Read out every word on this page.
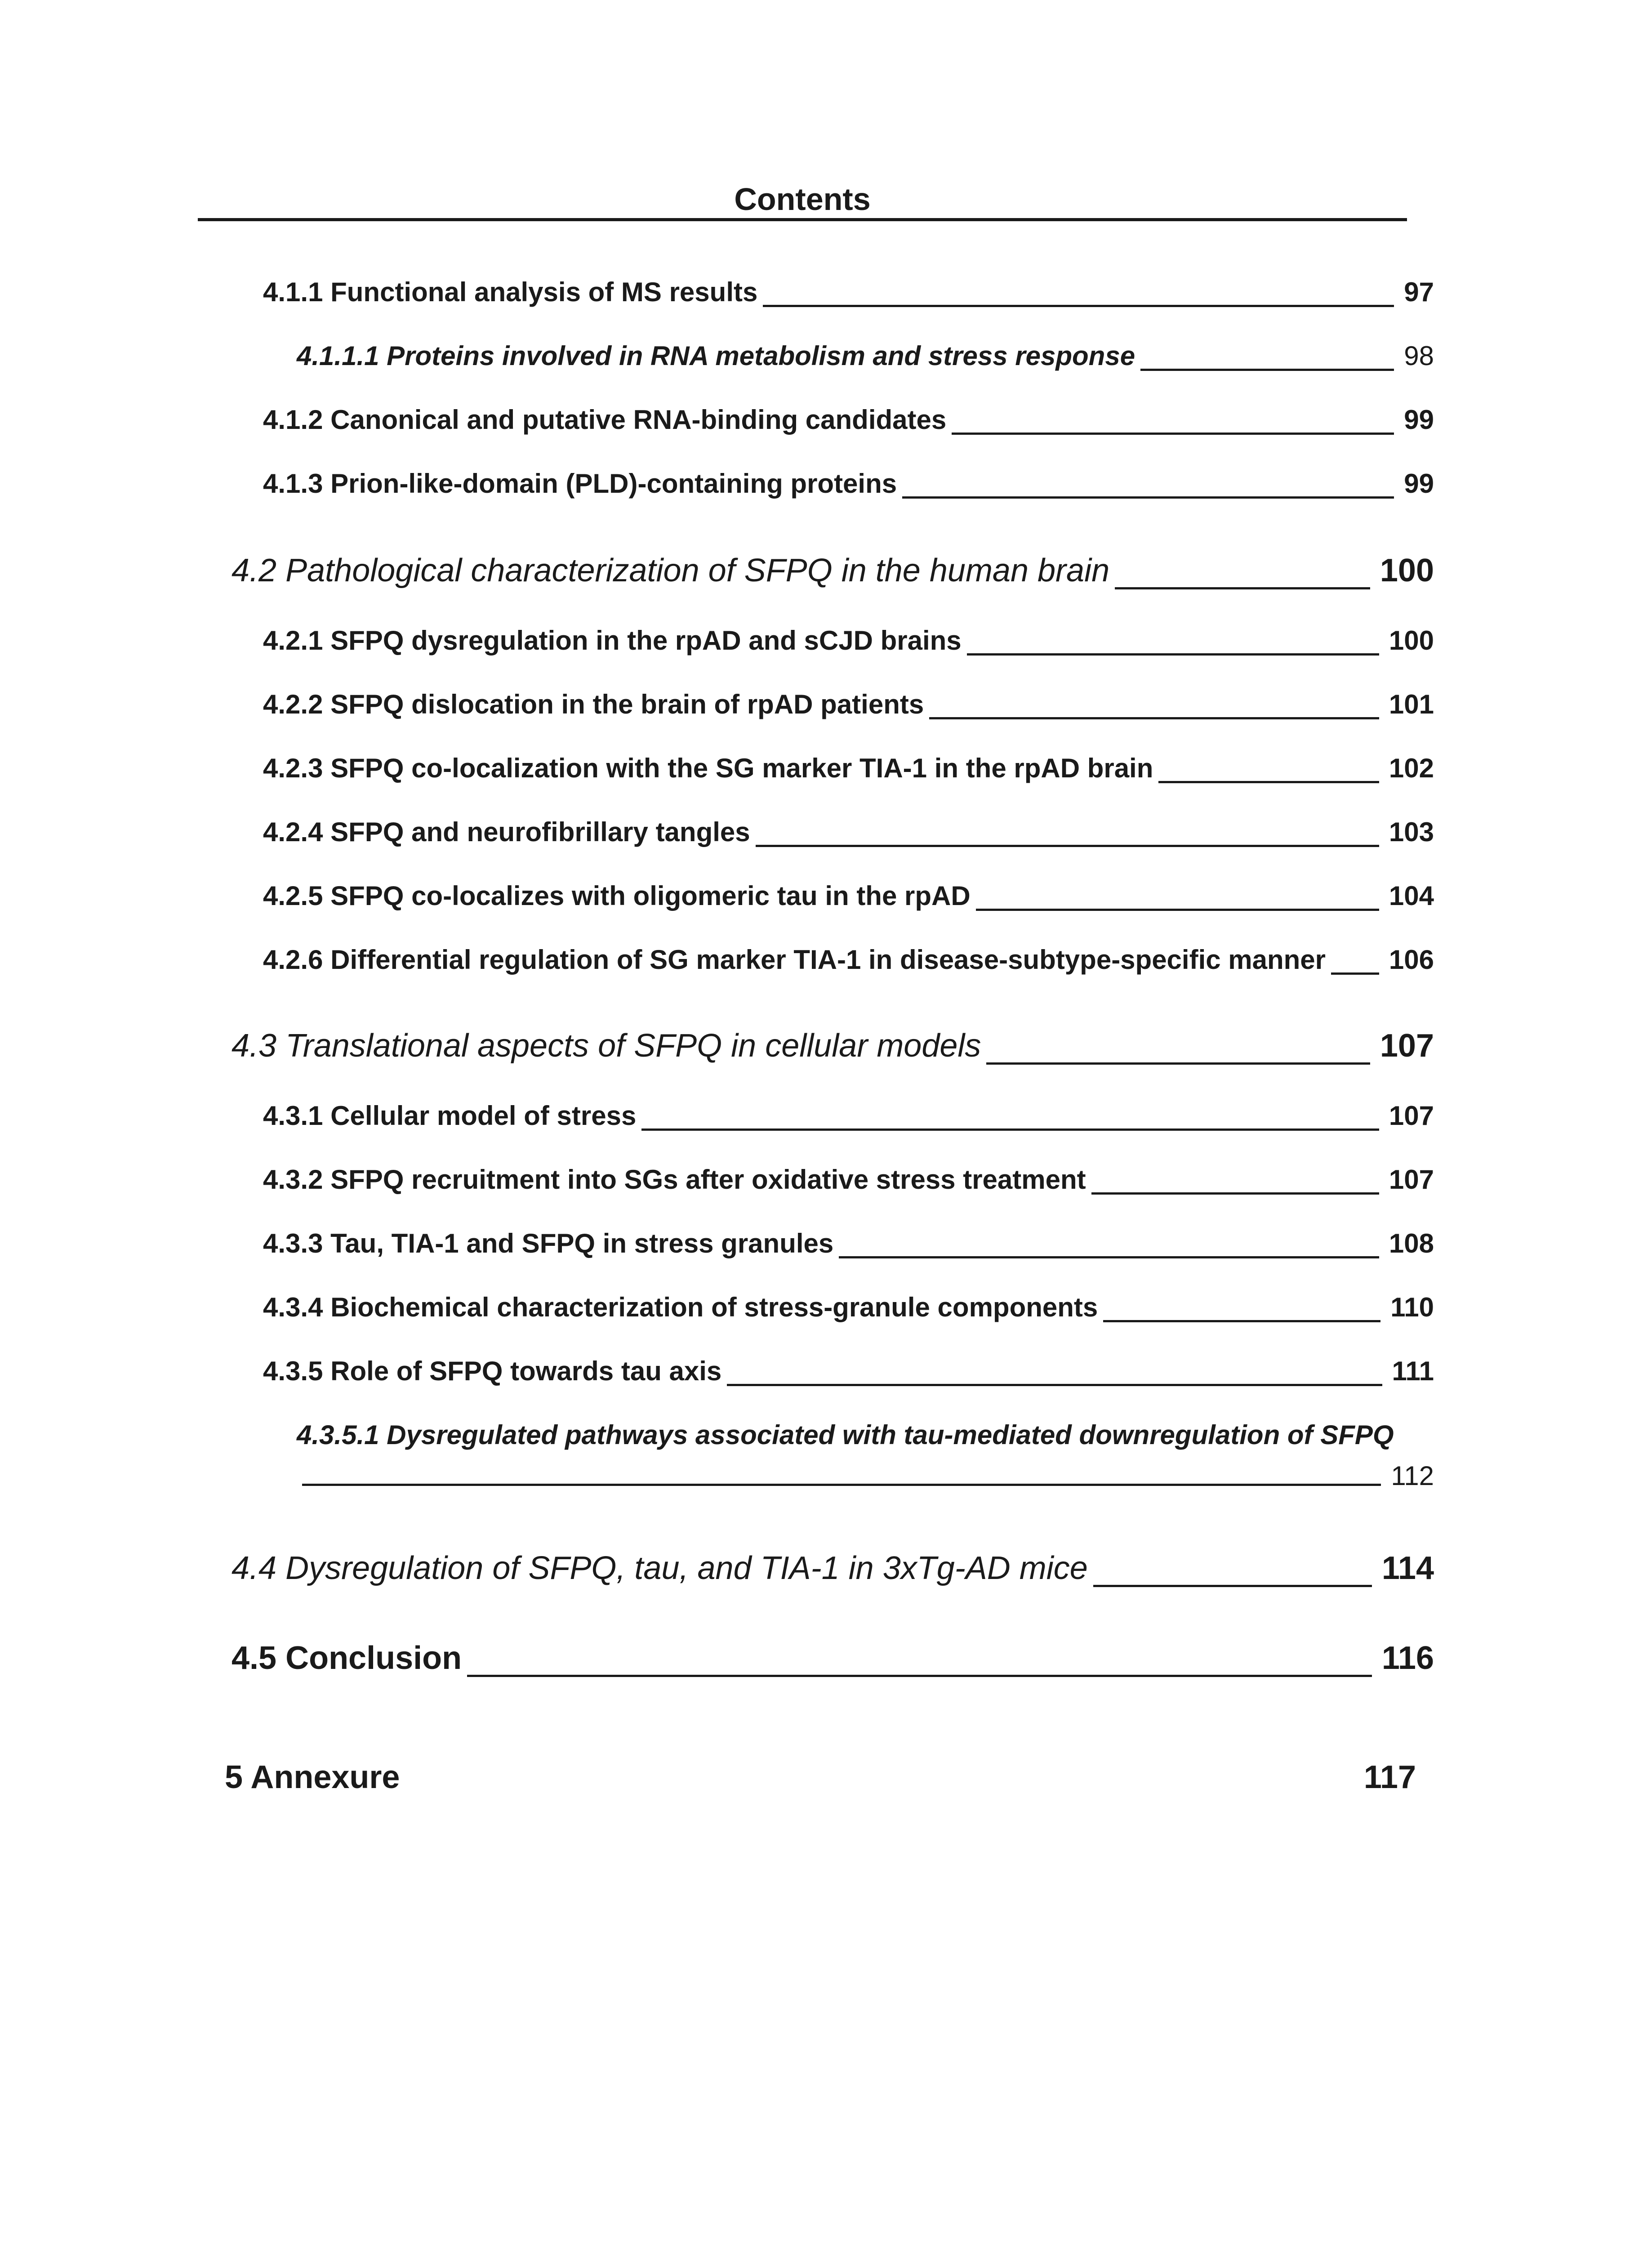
Contents
4.1.1 Functional analysis of MS results	97
4.1.1.1 Proteins involved in RNA metabolism and stress response	98
4.1.2 Canonical and putative RNA-binding candidates	99
4.1.3 Prion-like-domain (PLD)-containing proteins	99
4.2 Pathological characterization of SFPQ in the human brain	100
4.2.1 SFPQ dysregulation in the rpAD and sCJD brains	100
4.2.2 SFPQ dislocation in the brain of rpAD patients	101
4.2.3 SFPQ co-localization with the SG marker TIA-1 in the rpAD brain	102
4.2.4 SFPQ and neurofibrillary tangles	103
4.2.5 SFPQ co-localizes with oligomeric tau in the rpAD	104
4.2.6 Differential regulation of SG marker TIA-1 in disease-subtype-specific manner 106
4.3 Translational aspects of SFPQ in cellular models	107
4.3.1 Cellular model of stress	107
4.3.2 SFPQ recruitment into SGs after oxidative stress treatment	107
4.3.3 Tau, TIA-1 and SFPQ in stress granules	108
4.3.4 Biochemical characterization of stress-granule components	110
4.3.5 Role of SFPQ towards tau axis	111
4.3.5.1 Dysregulated pathways associated with tau-mediated downregulation of SFPQ
112
4.4 Dysregulation of SFPQ, tau, and TIA-1 in 3xTg-AD mice	114
4.5 Conclusion	116
5 Annexure	117
